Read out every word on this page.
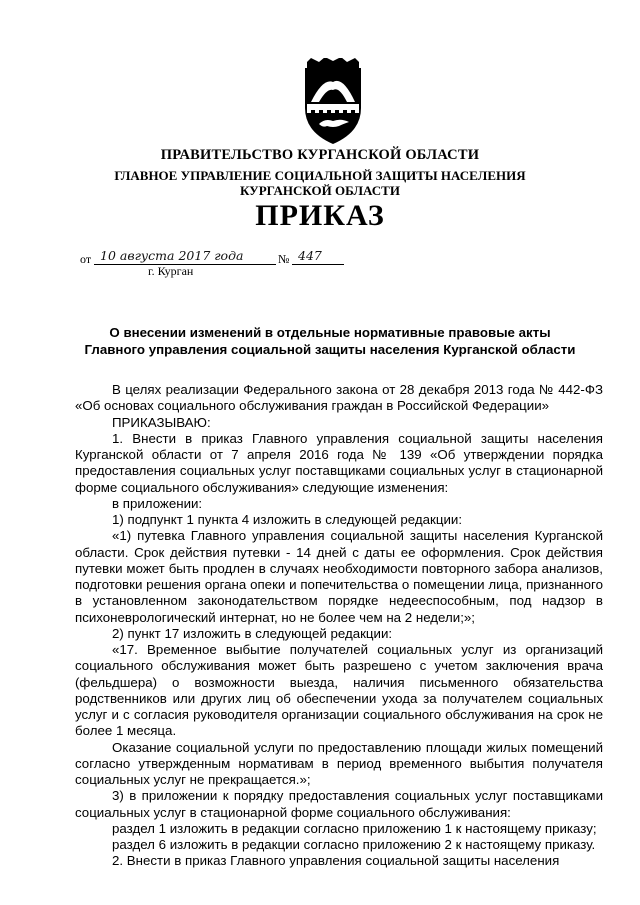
ПРАВИТЕЛЬСТВО КУРГАНСКОЙ ОБЛАСТИ
ГЛАВНОЕ УПРАВЛЕНИЕ СОЦИАЛЬНОЙ ЗАЩИТЫ НАСЕЛЕНИЯ
КУРГАНСКОЙ ОБЛАСТИ
ПРИКАЗ
от 10 августа 2017 года	№ 447
г. Курган
О внесении изменений в отдельные нормативные правовые акты
Главного управления социальной защиты населения Курганской области

В целях реализации Федерального закона от 28 декабря 2013 года № 442-ФЗ «Об основах социального обслуживания граждан в Российской Федерации»

ПРИКАЗЫВАЮ:

1. Внести в приказ Главного управления социальной защиты населения Курганской области от 7 апреля 2016 года № 139 «Об утверждении порядка предоставления социальных услуг поставщиками социальных услуг в стационарной форме социального обслуживания» следующие изменения:

в приложении:

1) подпункт 1 пункта 4 изложить в следующей редакции:

«1) путевка Главного управления социальной защиты населения Курганской области. Срок действия путевки - 14 дней с даты ее оформления. Срок действия путевки может быть продлен в случаях необходимости повторного забора анализов, подготовки решения органа опеки и попечительства о помещении лица, признанного в установленном законодательством порядке недееспособным, под надзор в психоневрологический интернат, но не более чем на 2 недели;»;

2) пункт 17 изложить в следующей редакции:

«17. Временное выбытие получателей социальных услуг из организаций социального обслуживания может быть разрешено с учетом заключения врача (фельдшера) о возможности выезда, наличия письменного обязательства родственников или других лиц об обеспечении ухода за получателем социальных услуг и с согласия руководителя организации социального обслуживания на срок не более 1 месяца.

Оказание социальной услуги по предоставлению площади жилых помещений согласно утвержденным нормативам в период временного выбытия получателя социальных услуг не прекращается.»;

3) в приложении к порядку предоставления социальных услуг поставщиками социальных услуг в стационарной форме социального обслуживания:

раздел 1 изложить в редакции согласно приложению 1 к настоящему приказу;

раздел 6 изложить в редакции согласно приложению 2 к настоящему приказу.

2. Внести в приказ Главного управления социальной защиты населения
